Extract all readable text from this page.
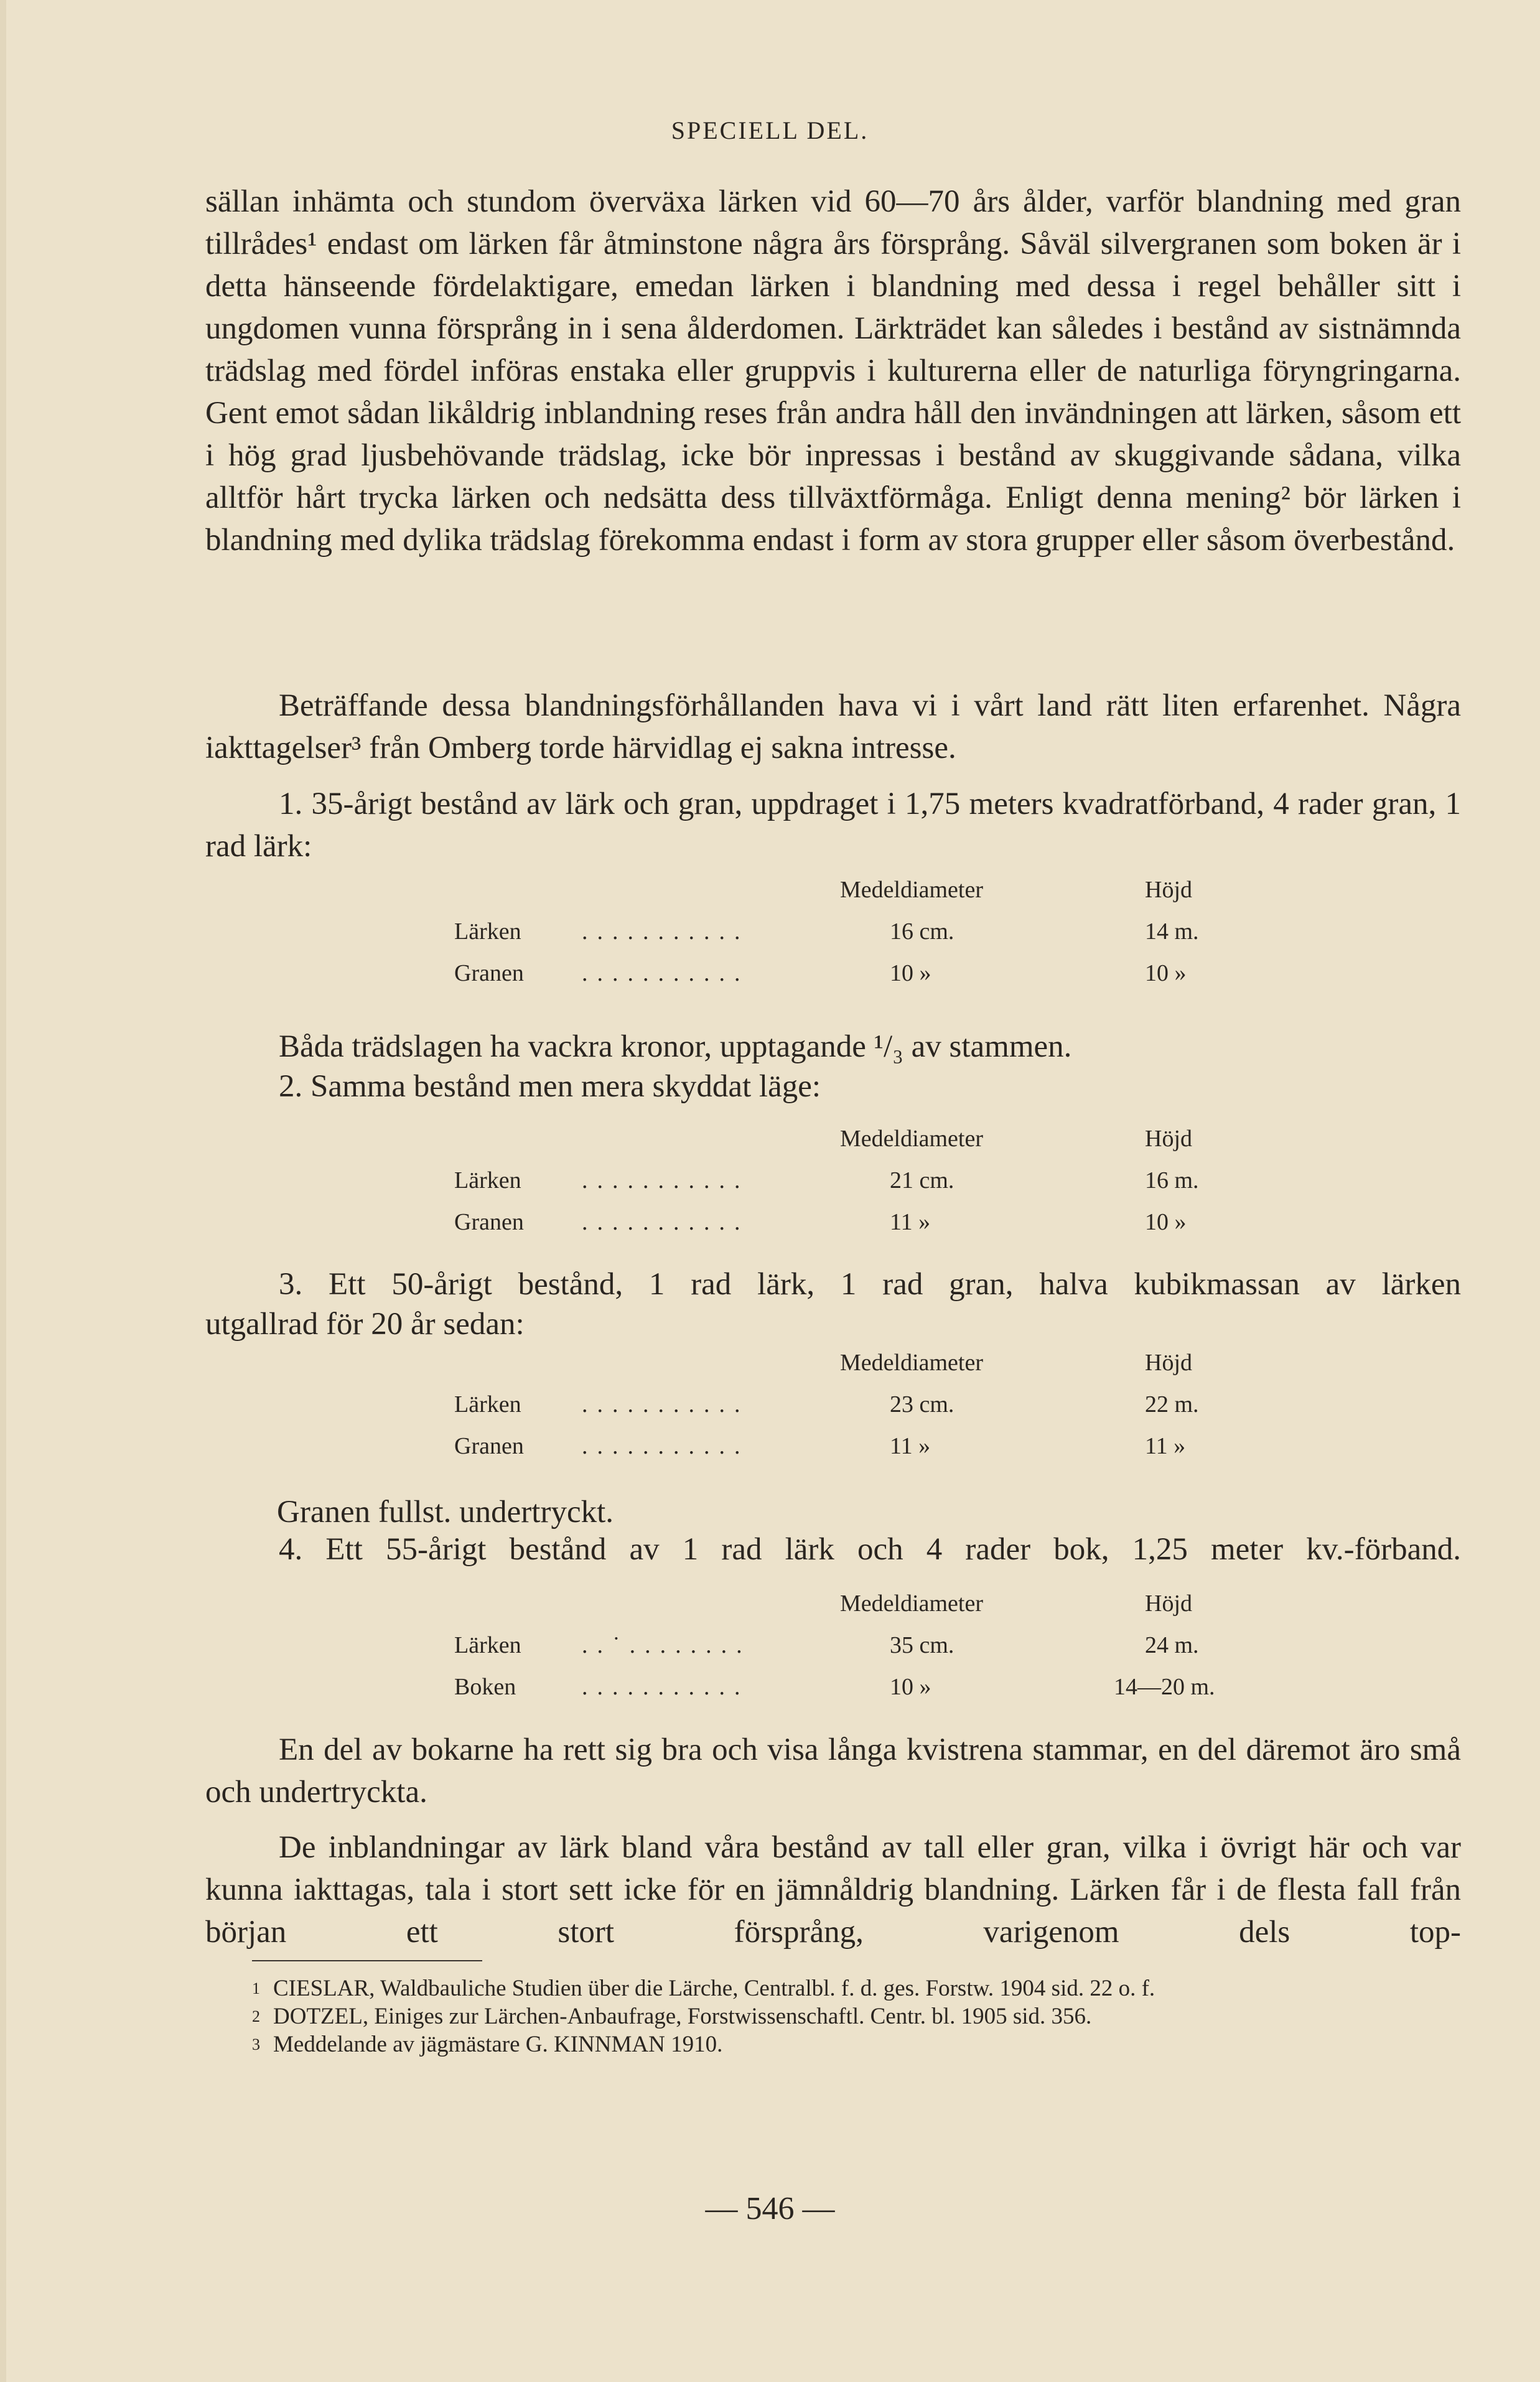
SPECIELL DEL.
sällan inhämta och stundom överväxa lärken vid 60—70 års ålder, varför blandning med gran tillrådes¹ endast om lärken får åtminstone några års försprång. Såväl silvergranen som boken är i detta hänseende fördelaktigare, emedan lärken i blandning med dessa i regel behåller sitt i ungdomen vunna försprång in i sena ålderdomen. Lärkträdet kan således i bestånd av sistnämnda trädslag med fördel införas enstaka eller gruppvis i kulturerna eller de naturliga föryngringarna. Gent emot sådan likåldrig inblandning reses från andra håll den invändningen att lärken, såsom ett i hög grad ljusbehövande trädslag, icke bör inpressas i bestånd av skuggivande sådana, vilka alltför hårt trycka lärken och nedsätta dess tillväxtförmåga. Enligt denna mening² bör lärken i blandning med dylika trädslag förekomma endast i form av stora grupper eller såsom överbestånd.
Beträffande dessa blandningsförhållanden hava vi i vårt land rätt liten erfarenhet. Några iakttagelser³ från Omberg torde härvidlag ej sakna intresse.
1. 35-årigt bestånd av lärk och gran, uppdraget i 1,75 meters kvadratförband, 4 rader gran, 1 rad lärk:
Medeldiameter	Höjd
Lärken	...........	16 cm.	14 m.
Granen ...........	10 »	10 »
Båda trädslagen ha vackra kronor, upptagande ¹/₃ av stammen.
2. Samma bestånd men mera skyddat läge:
Medeldiameter	Höjd
Lärken	...........	21 cm.	16 m.
Granen ...........	11 »	10 »
3. Ett 50-årigt bestånd, 1 rad lärk, 1 rad gran, halva kubikmassan av lärken
utgallrad för 20 år sedan:
Medeldiameter	Höjd
Lärken	...........	23 cm.	22 m.
Granen ...........	11 »	11 »
Granen fullst. undertryckt.
4. Ett 55-årigt bestånd av 1 rad lärk och 4 rader bok, 1,25 meter kv.-förband.
Medeldiameter	Höjd
Lärken	..˙........	35 cm.	24 m.
Boken	...........	10 »	14—20 m.
En del av bokarne ha rett sig bra och visa långa kvistrena stammar, en del däremot äro små och undertryckta.
De inblandningar av lärk bland våra bestånd av tall eller gran, vilka i övrigt här och var kunna iakttagas, tala i stort sett icke för en jämnåldrig blandning. Lärken får i de flesta fall från början ett stort försprång, varigenom dels top-
1 CIESLAR, Waldbauliche Studien über die Lärche, Centralbl. f. d. ges. Forstw. 1904 sid. 22 o. f.
2 DOTZEL, Einiges zur Lärchen-Anbaufrage, Forstwissenschaftl. Centr. bl. 1905 sid. 356.
3 Meddelande av jägmästare G. KINNMAN 1910.
— 546 —
